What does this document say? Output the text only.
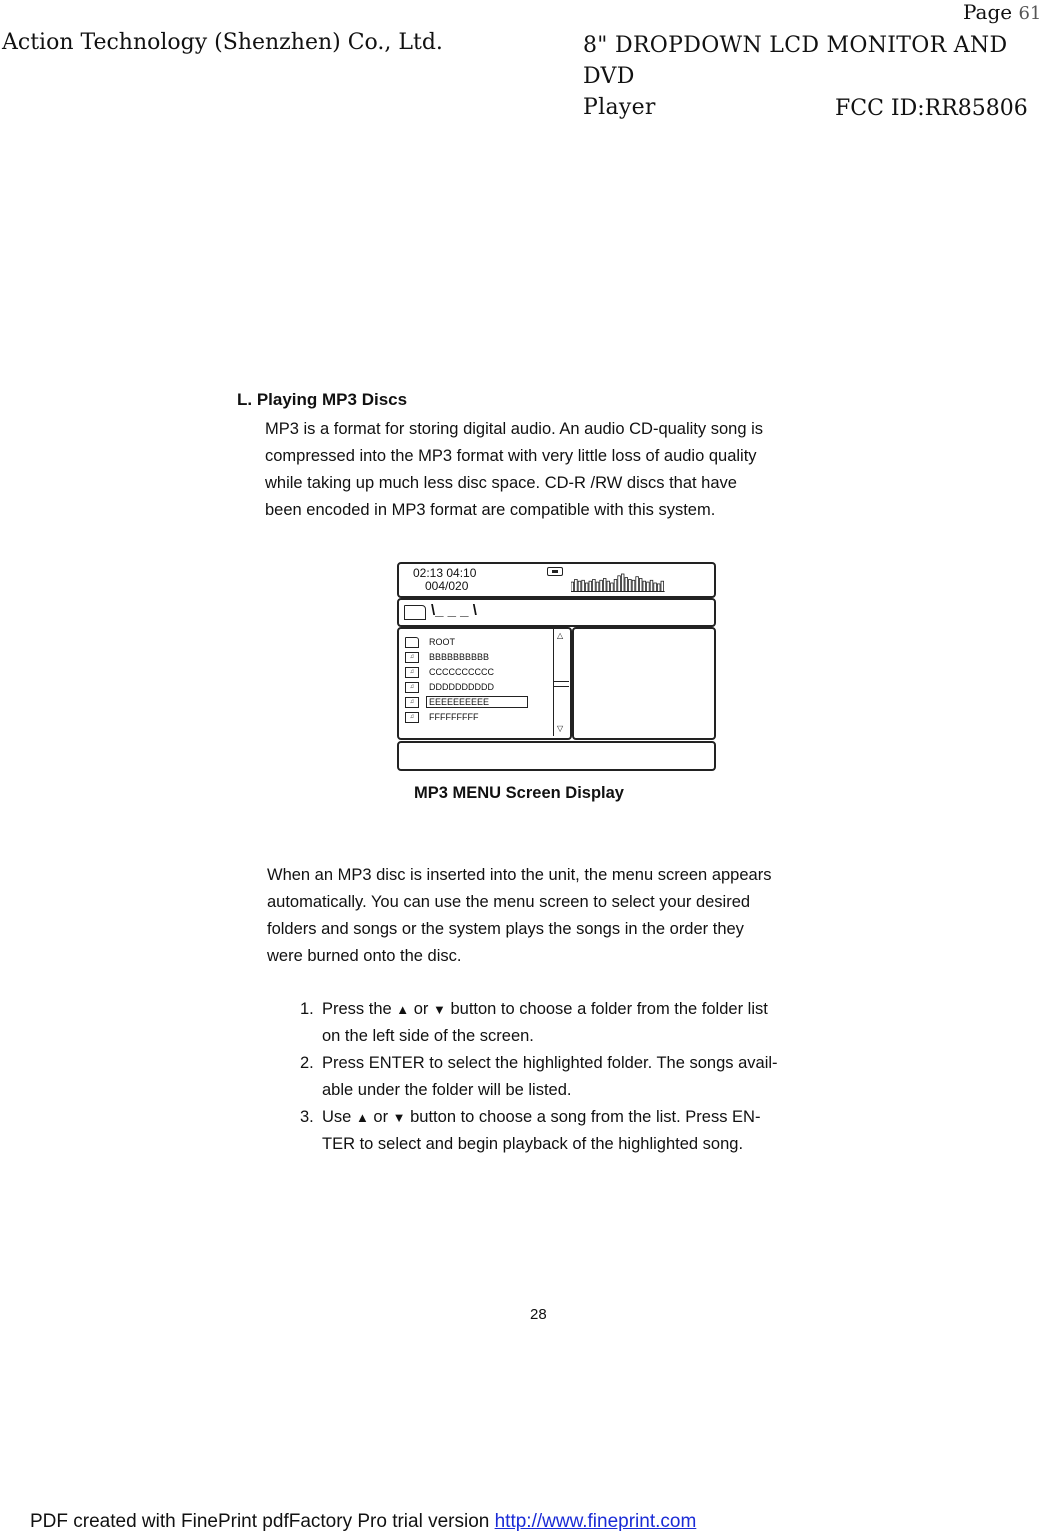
Page 61
Action Technology (Shenzhen) Co., Ltd.	8" DROPDOWN LCD MONITOR AND DVD
Player	FCC ID:RR85806
L. Playing MP3 Discs
MP3 is a format for storing digital audio. An audio CD-quality song is
compressed into the MP3 format with very little loss of audio quality
while taking up much less disc space. CD-R /RW discs that have
been encoded in MP3 format are compatible with this system.
02:13 04:10
004/020
\_ _ _ \
ROOT
♫	BBBBBBBBBB
♫	CCCCCCCCCC
♫	DDDDDDDDDD
♫	EEEEEEEEEE
♫	FFFFFFFFF
△
▽
MP3 MENU Screen Display
When an MP3 disc is inserted into the unit, the menu screen appears
automatically. You can use the menu screen to select your desired
folders and songs or the system plays the songs in the order they
were burned onto the disc.
1. Press the ▲ or ▼ button to choose a folder from the folder list
on the left side of the screen.
2. Press ENTER to select the highlighted folder. The songs avail-
able under the folder will be listed.
3. Use ▲ or ▼ button to choose a song from the list. Press EN-
TER to select and begin playback of the highlighted song.
28
PDF created with FinePrint pdfFactory Pro trial version http://www.fineprint.com
